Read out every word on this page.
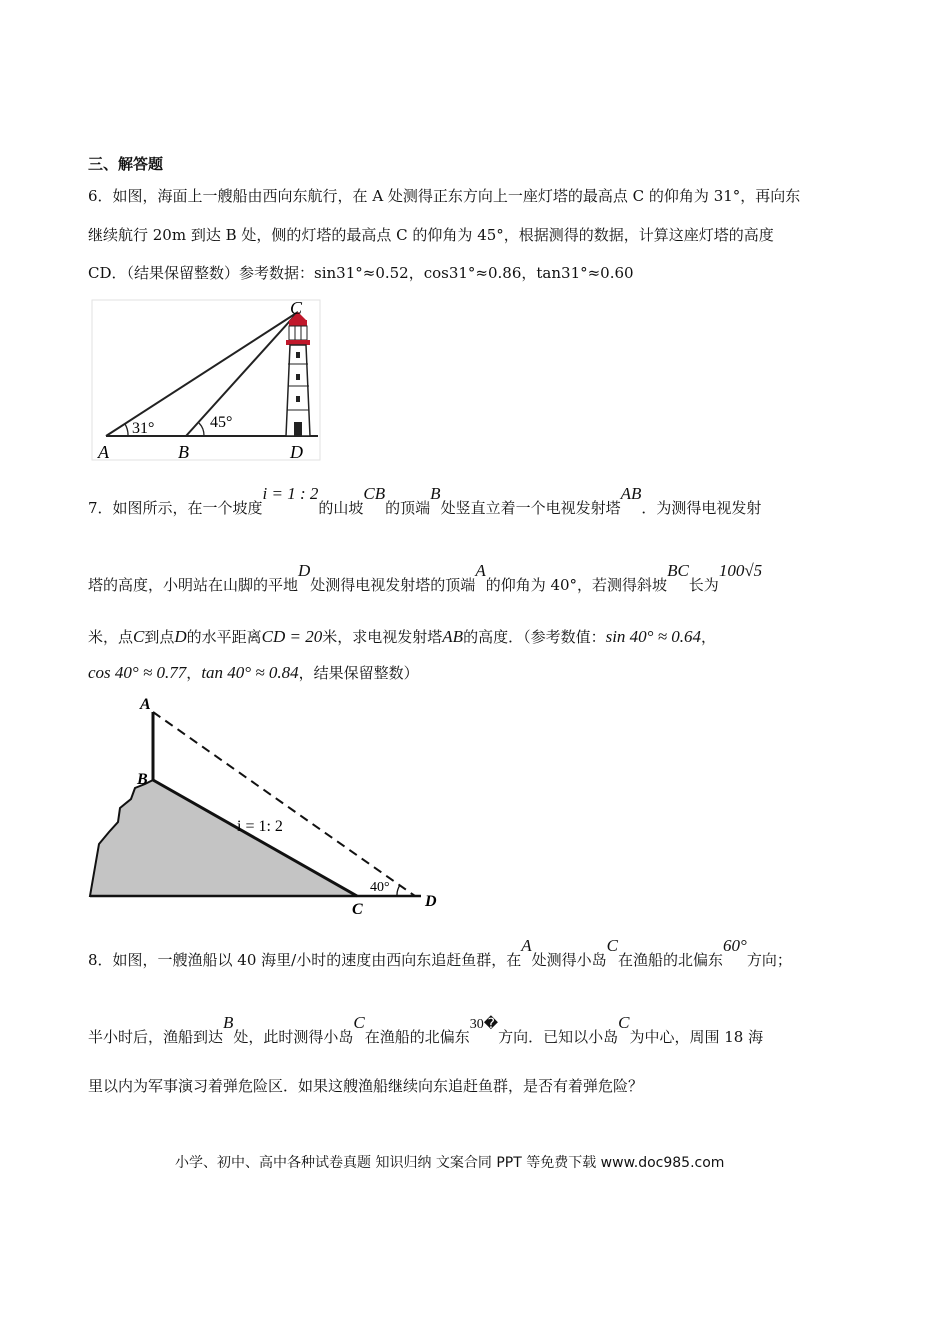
三、解答题
6．如图，海面上一艘船由西向东航行，在 A 处测得正东方向上一座灯塔的最高点 C 的仰角为 31°，再向东
继续航行 20m 到达 B 处，侧的灯塔的最高点 C 的仰角为 45°，根据测得的数据，计算这座灯塔的高度
CD．（结果保留整数）参考数据：sin31°≈0.52，cos31°≈0.86，tan31°≈0.60
31°	45°
A	B	D
C
7．如图所示，在一个坡度i = 1 : 2的山坡CB的顶端B处竖直立着一个电视发射塔AB．为测得电视发射
塔的高度，小明站在山脚的平地D处测得电视发射塔的顶端A的仰角为 40°，若测得斜坡BC长为100√5
米，点C到点D的水平距离CD = 20米，求电视发射塔AB的高度．（参考数值：sin 40° ≈ 0.64，
cos 40° ≈ 0.77，tan 40° ≈ 0.84，结果保留整数）
A
B
C	D
i = 1: 2
40°
8．如图，一艘渔船以 40 海里/小时的速度由西向东追赶鱼群，在A处测得小岛C在渔船的北偏东60°方向；
半小时后，渔船到达B处，此时测得小岛C在渔船的北偏东30�方向．已知以小岛C为中心，周围 18 海
里以内为军事演习着弹危险区．如果这艘渔船继续向东追赶鱼群，是否有着弹危险？
小学、初中、高中各种试卷真题 知识归纳 文案合同 PPT 等免费下载 www.doc985.com
